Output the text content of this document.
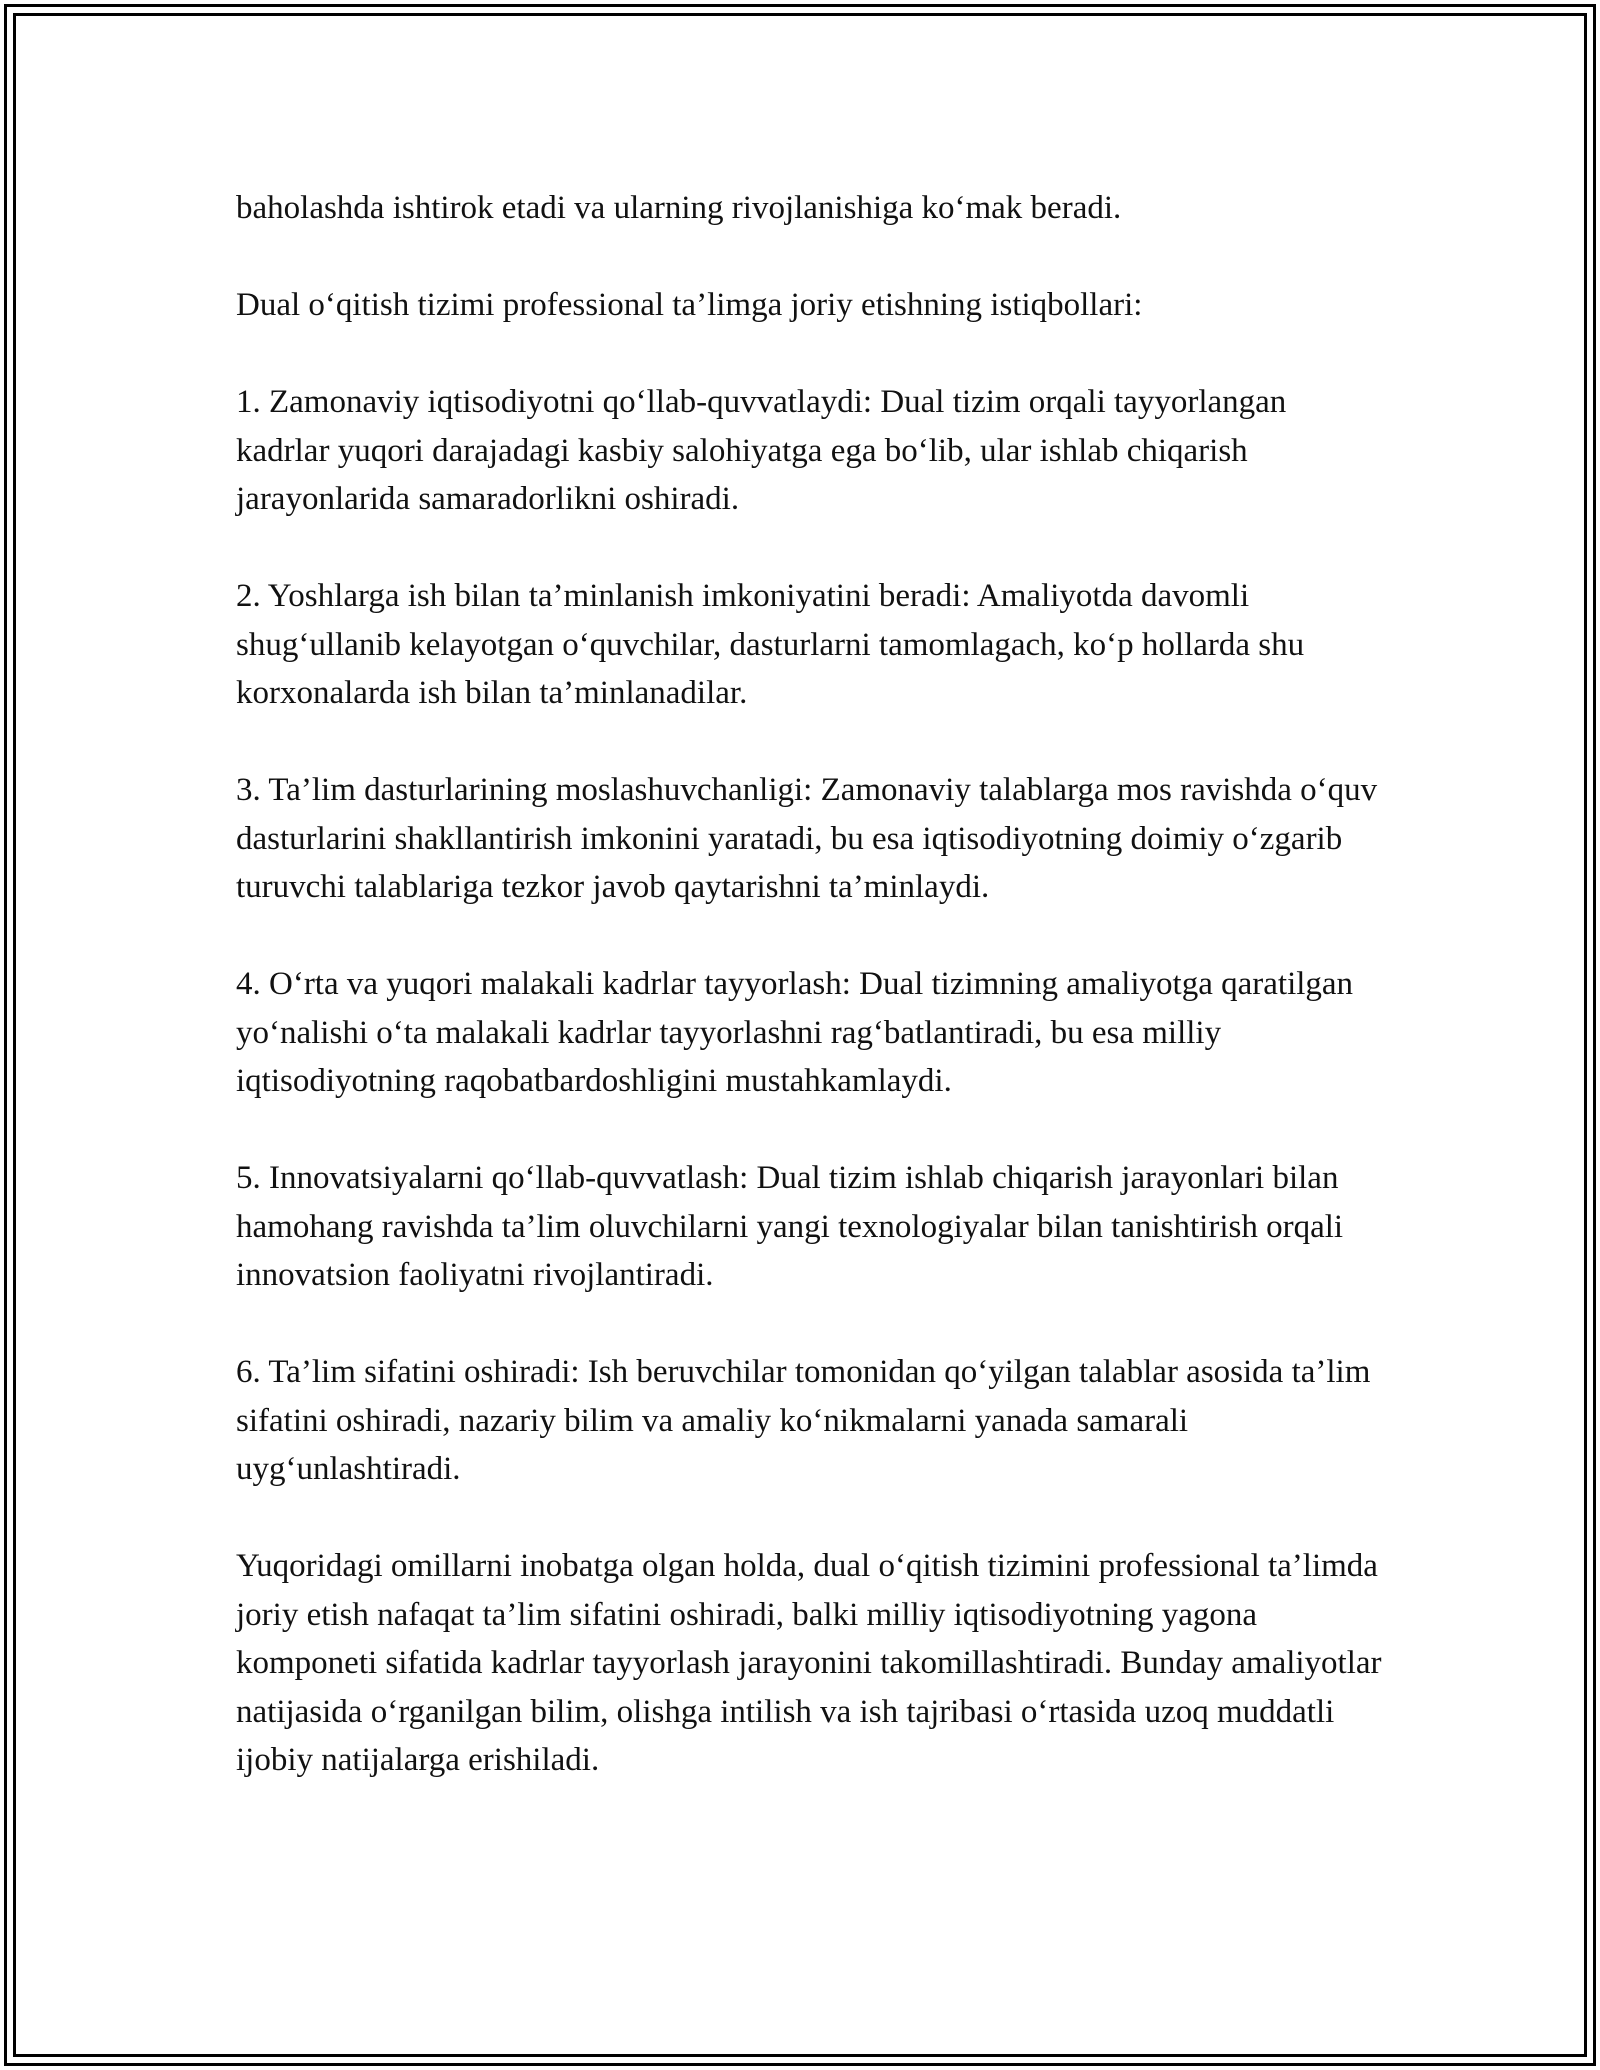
baholashda ishtirok etadi va ularning rivojlanishiga ko‘mak beradi.

Dual o‘qitish tizimi professional ta’limga joriy etishning istiqbollari:

1. Zamonaviy iqtisodiyotni qo‘llab-quvvatlaydi: Dual tizim orqali tayyorlangan kadrlar yuqori darajadagi kasbiy salohiyatga ega bo‘lib, ular ishlab chiqarish jarayonlarida samaradorlikni oshiradi.

2. Yoshlarga ish bilan ta’minlanish imkoniyatini beradi: Amaliyotda davomli shug‘ullanib kelayotgan o‘quvchilar, dasturlarni tamomlagach, ko‘p hollarda shu korxonalarda ish bilan ta’minlanadilar.

3. Ta’lim dasturlarining moslashuvchanligi: Zamonaviy talablarga mos ravishda o‘quv dasturlarini shakllantirish imkonini yaratadi, bu esa iqtisodiyotning doimiy o‘zgarib turuvchi talablariga tezkor javob qaytarishni ta’minlaydi.

4. O‘rta va yuqori malakali kadrlar tayyorlash: Dual tizimning amaliyotga qaratilgan yo‘nalishi o‘ta malakali kadrlar tayyorlashni rag‘batlantiradi, bu esa milliy iqtisodiyotning raqobatbardoshligini mustahkamlaydi.

5. Innovatsiyalarni qo‘llab-quvvatlash: Dual tizim ishlab chiqarish jarayonlari bilan hamohang ravishda ta’lim oluvchilarni yangi texnologiyalar bilan tanishtirish orqali innovatsion faoliyatni rivojlantiradi.

6. Ta’lim sifatini oshiradi: Ish beruvchilar tomonidan qo‘yilgan talablar asosida ta’lim sifatini oshiradi, nazariy bilim va amaliy ko‘nikmalarni yanada samarali uyg‘unlashtiradi.

Yuqoridagi omillarni inobatga olgan holda, dual o‘qitish tizimini professional ta’limda joriy etish nafaqat ta’lim sifatini oshiradi, balki milliy iqtisodiyotning yagona komponeti sifatida kadrlar tayyorlash jarayonini takomillashtiradi. Bunday amaliyotlar natijasida o‘rganilgan bilim, olishga intilish va ish tajribasi o‘rtasida uzoq muddatli ijobiy natijalarga erishiladi.
